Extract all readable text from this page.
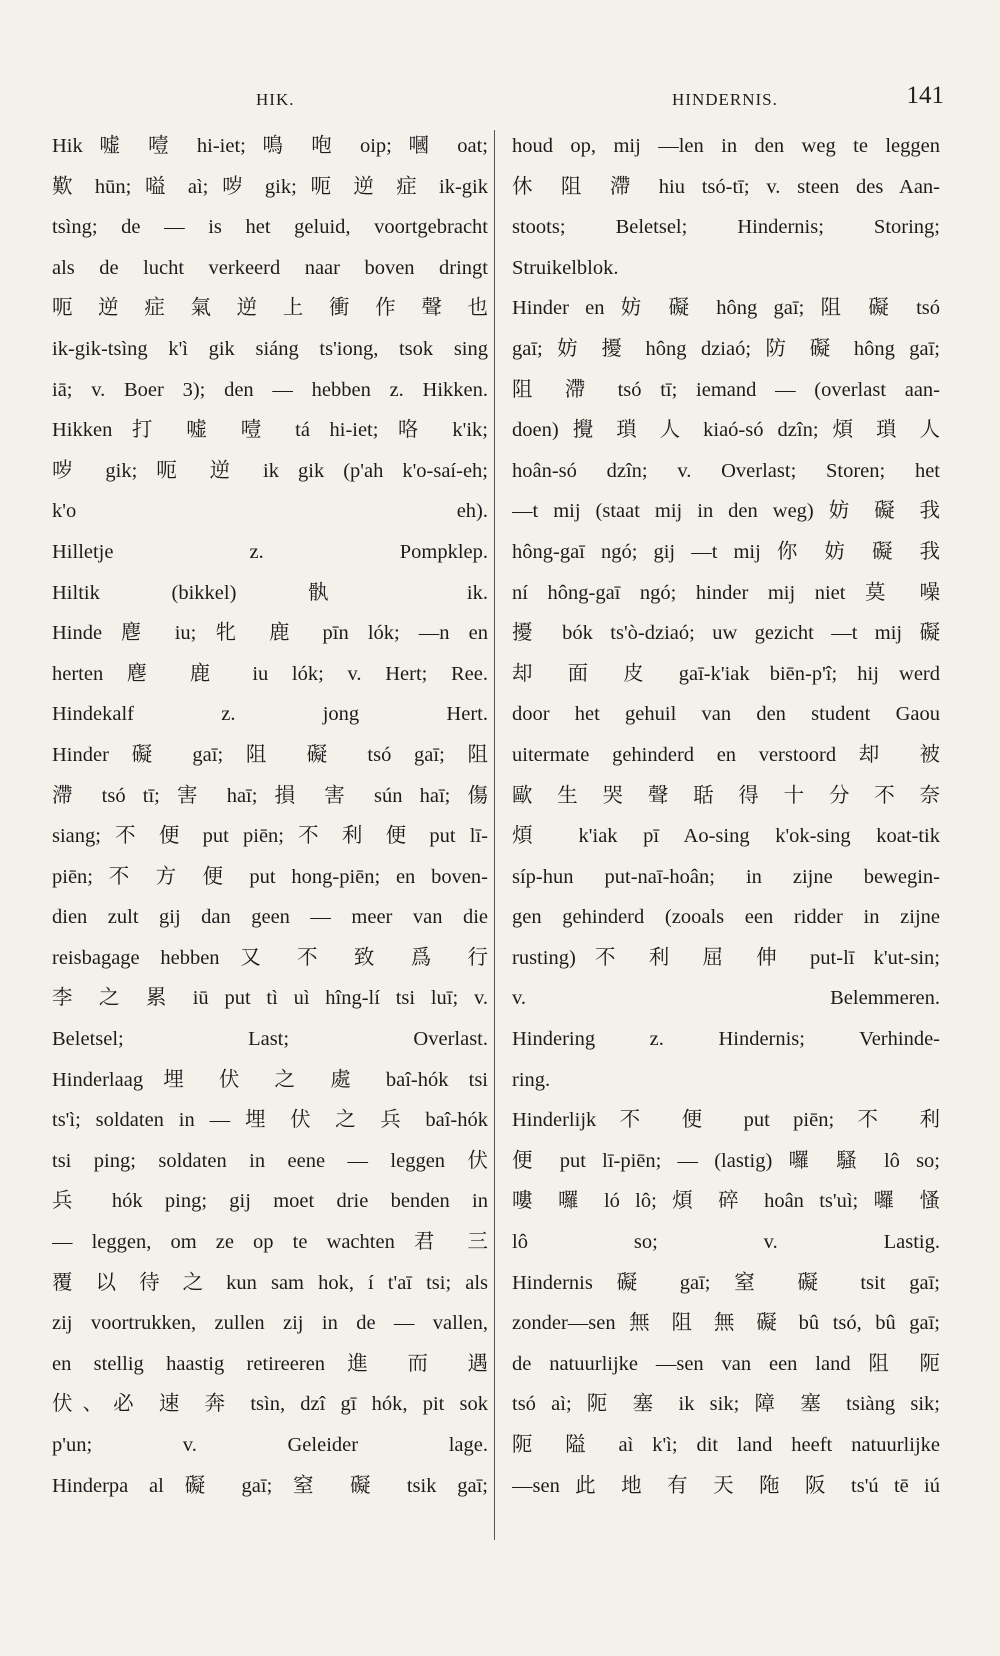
HIK.	HINDERNIS.	141
Hik 嘘 噎 hi-iet; 鳴 咆 oip; 嘓 oat;
歎 hūn; 嗌 aì; 哕 gik; 呃 逆 症 ik-gik
tsìng; de — is het geluid, voortgebracht
als de lucht verkeerd naar boven dringt
呃 逆 症 氣 逆 上 衝 作 聲 也
ik-gik-tsìng k'ì gik siáng ts'iong, tsok sing
iā; v. Boer 3); den — hebben z. Hikken.
Hikken 打 嘘 噎 tá hi-iet; 咯 k'ik;
哕 gik; 呃 逆 ik gik (p'ah k'o-saí-eh;
k'o eh).
Hilletje z. Pompklep.
Hiltik (bikkel) 骫 ik.
Hinde 麀 iu; 牝 鹿 pīn lók; —n en
herten 麀 鹿 iu lók; v. Hert; Ree.
Hindekalf z. jong Hert.
Hinder 礙 gaī; 阻 礙 tsó gaī; 阻
滯 tsó tī; 害 haī; 損 害 sún haī; 傷
siang; 不 便 put piēn; 不 利 便 put lī-
piēn; 不 方 便 put hong-piēn; en boven-
dien zult gij dan geen — meer van die
reisbagage hebben 又 不 致 爲 行
李 之 累 iū put tì uì hîng-lí tsi luī; v.
Beletsel; Last; Overlast.
Hinderlaag 埋 伏 之 處 baî-hók tsi
ts'ì; soldaten in — 埋 伏 之 兵 baî-hók
tsi ping; soldaten in eene — leggen 伏
兵 hók ping; gij moet drie benden in
— leggen, om ze op te wachten 君 三
覆 以 待 之 kun sam hok, í t'aī tsi; als
zij voortrukken, zullen zij in de — vallen,
en stellig haastig retireeren 進 而 遇
伏、必 速 奔 tsìn, dzî gī hók, pit sok
p'un; v. Geleider lage.
Hinderpa al 礙 gaī; 窒 礙 tsik gaī;
houd op, mij —len in den weg te leggen
休 阻 滯 hiu tsó-tī; v. steen des Aan-
stoots; Beletsel; Hindernis; Storing;
Struikelblok.
Hinder en 妨 礙 hông gaī; 阻 礙 tsó
gaī; 妨 擾 hông dziaó; 防 礙 hông gaī;
阻 滯 tsó tī; iemand — (overlast aan-
doen) 攪 瑣 人 kiaó-só dzîn; 煩 瑣 人
hoân-só dzîn; v. Overlast; Storen; het
—t mij (staat mij in den weg) 妨 礙 我
hông-gaī ngó; gij —t mij 你 妨 礙 我
ní hông-gaī ngó; hinder mij niet 莫 噪
擾 bók ts'ò-dziaó; uw gezicht —t mij 礙
却 面 皮 gaī-k'iak biēn-p'î; hij werd
door het gehuil van den student Gaou
uitermate gehinderd en verstoord 却 被
歐 生 哭 聲 聒 得 十 分 不 奈
煩 k'iak pī Ao-sing k'ok-sing koat-tik
síp-hun put-naī-hoân; in zijne bewegin-
gen gehinderd (zooals een ridder in zijne
rusting) 不 利 屈 伸 put-lī k'ut-sin;
v. Belemmeren.
Hindering z. Hindernis; Verhinde-
ring.
Hinderlijk 不 便 put piēn; 不 利
便 put lī-piēn; — (lastig) 囉 騷 lô so;
嘍 囉 ló lô; 煩 碎 hoân ts'uì; 囉 慅
lô so; v. Lastig.
Hindernis 礙 gaī; 窒 礙 tsit gaī;
zonder—sen 無 阻 無 礙 bû tsó, bû gaī;
de natuurlijke —sen van een land 阻 阨
tsó aì; 阨 塞 ik sik; 障 塞 tsiàng sik;
阨 隘 aì k'ì; dit land heeft natuurlijke
—sen 此 地 有 天 陁 阪 ts'ú tē iú
